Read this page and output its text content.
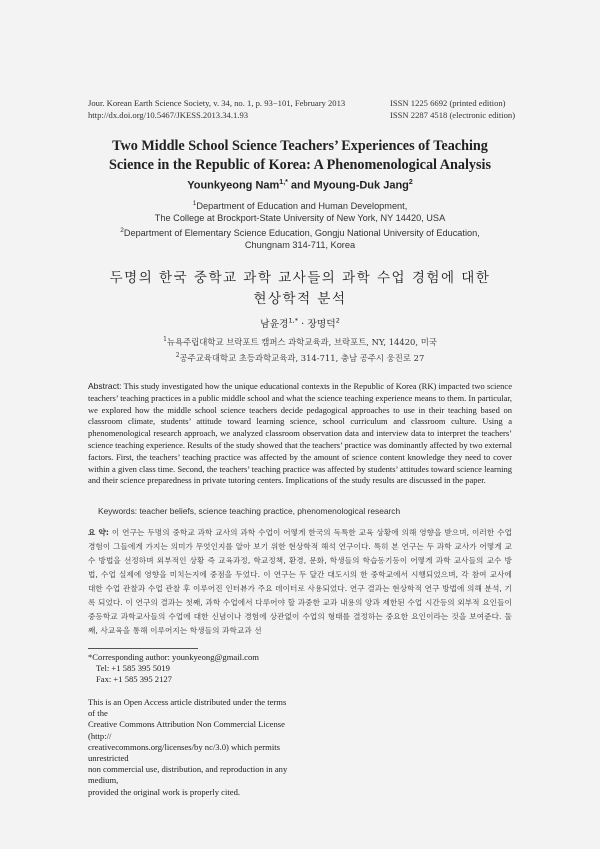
Jour. Korean Earth Science Society, v. 34, no. 1, p. 93−101, February 2013
http://dx.doi.org/10.5467/JKESS.2013.34.1.93
ISSN 1225 6692 (printed edition)
ISSN 2287 4518 (electronic edition)
Two Middle School Science Teachers’ Experiences of Teaching
Science in the Republic of Korea: A Phenomenological Analysis
Younkyeong Nam$^{1,*}$ and Myoung-Duk Jang$^2$
$^1$Department of Education and Human Development,
The College at Brockport-State University of New York, NY 14420, USA
$^2$Department of Elementary Science Education, Gongju National University of Education,
Chungnam 314-711, Korea
두명의 한국 중학교 과학 교사들의 과학 수업 경험에 대한
현상학적 분석
남윤경$^{1,*}$ · 장명덕$^2$
$^1$뉴욕주립대학교 브락포트 캠퍼스 과학교육과, 브락포트, NY, 14420, 미국
$^2$공주교육대학교 초등과학교육과, 314-711, 충남 공주시 웅진로 27
Abstract: This study investigated how the unique educational contexts in the Republic of Korea (RK) impacted two science teachers’ teaching practices in a public middle school and what the science teaching experience means to them. In particular, we explored how the middle school science teachers decide pedagogical approaches to use in their teaching based on classroom climate, students’ attitude toward learning science, school curriculum and classroom culture. Using a phenomenological research approach, we analyzed classroom observation data and interview data to interpret the teachers’ science teaching experience. Results of the study showed that the teachers’ practice was dominantly affected by two external factors. First, the teachers’ teaching practice was affected by the amount of science content knowledge they need to cover within a given class time. Second, the teachers’ teaching practice was affected by students’ attitudes toward science learning and their science preparedness in private tutoring centers. Implications of the study results are discussed in the paper.
Keywords: teacher beliefs, science teaching practice, phenomenological research
요 약: 이 연구는 두명의 중학교 과학 교사의 과학 수업이 어떻게 한국의 독특한 교육 상황에 의해 영향을 받으며, 이러한 수업 경험이 그들에게 가지는 의미가 무엇인지를 알아 보기 위한 현상학적 해석 연구이다. 특히 본 연구는 두 과학 교사가 어떻게 교수 방법을 선정하며 외부적인 상황 즉 교육과정, 학교정책, 환경, 문화, 학생들의 학습동기등이 어떻게 과학 교사들의 교수 방법, 수업 실제에 영향을 미치는지에 중점을 두었다. 이 연구는 두 달간 대도시의 한 중학교에서 시행되었으며, 각 참여 교사에 대한 수업 관찰과 수업 관찰 후 이루어진 인터뷰가 주요 데이터로 사용되었다. 연구 결과는 현상학적 연구 방법에 의해 분석, 기록 되었다. 이 연구의 결과는 첫째, 과학 수업에서 다루어야 할 과중한 교과 내용의 양과 제한된 수업 시간등의 외부적 요인들이 중등학교 과학교사들의 수업에 대한 신념이나 경험에 상관없이 수업의 형태를 결정하는 중요한 요인이라는 것을 보여준다. 둘째, 사교육을 통해 이루어지는 학생들의 과학교과 선
*Corresponding author: younkyeong@gmail.com
Tel: +1 585 395 5019
Fax: +1 585 395 2127
This is an Open Access article distributed under the terms of the
Creative Commons Attribution Non Commercial License (http://
creativecommons.org/licenses/by nc/3.0) which permits unrestricted
non commercial use, distribution, and reproduction in any medium,
provided the original work is properly cited.
